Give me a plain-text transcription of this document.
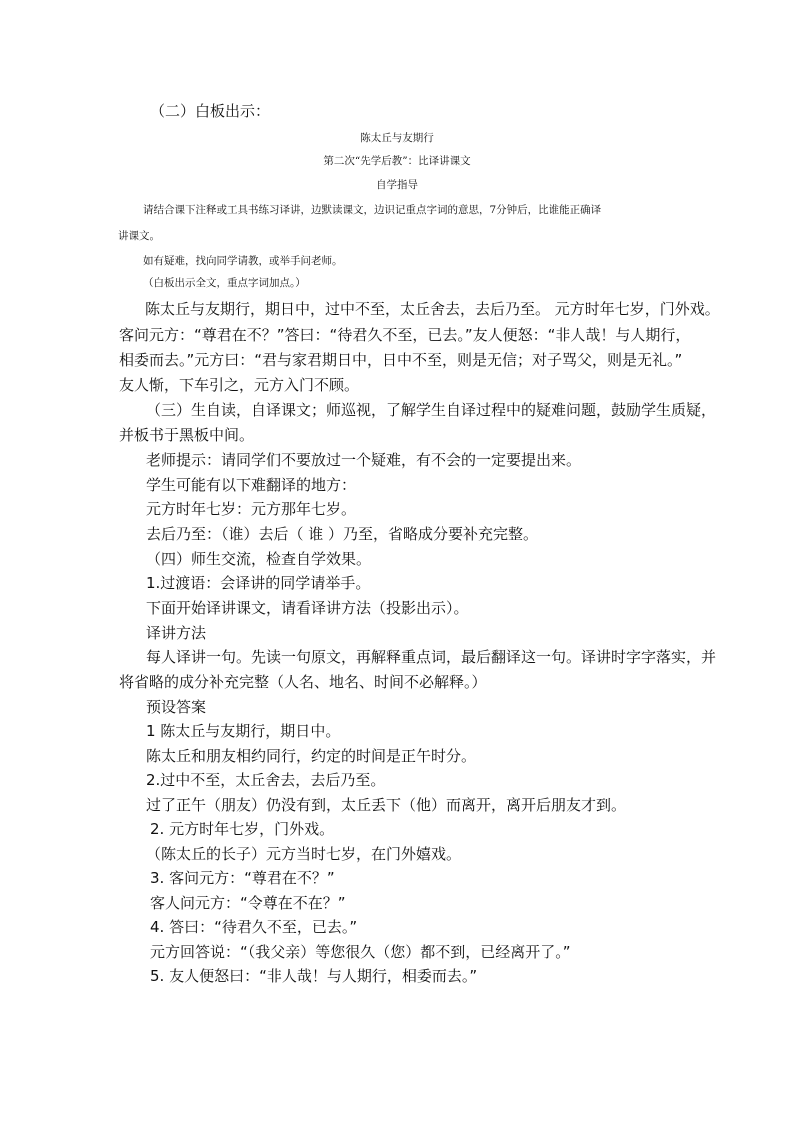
（二）白板出示：
陈太丘与友期行
第二次“先学后教”：比译讲课文
自学指导
请结合课下注释或工具书练习译讲，边默读课文，边识记重点字词的意思，7分钟后，比谁能正确译
讲课文。
如有疑难，找向同学请教，或举手问老师。
（白板出示全文，重点字词加点。）
陈太丘与友期行，期日中，过中不至，太丘舍去，去后乃至。 元方时年七岁，门外戏。
客问元方：“尊君在不？”答曰：“待君久不至，已去。”友人便怒：“非人哉！与人期行，
相委而去。”元方曰：“君与家君期日中，日中不至，则是无信；对子骂父，则是无礼。”
友人惭，下车引之，元方入门不顾。
（三）生自读，自译课文；师巡视，了解学生自译过程中的疑难问题，鼓励学生质疑，
并板书于黑板中间。
老师提示：请同学们不要放过一个疑难，有不会的一定要提出来。
学生可能有以下难翻译的地方：
元方时年七岁：元方那年七岁。
去后乃至：（谁）去后（ 谁 ）乃至，省略成分要补充完整。
（四）师生交流，检查自学效果。
1.过渡语：会译讲的同学请举手。
下面开始译讲课文，请看译讲方法（投影出示）。
译讲方法
每人译讲一句。先读一句原文，再解释重点词，最后翻译这一句。译讲时字字落实，并
将省略的成分补充完整（人名、地名、时间不必解释。）
预设答案
1 陈太丘与友期行，期日中。
陈太丘和朋友相约同行，约定的时间是正午时分。
2.过中不至，太丘舍去，去后乃至。
过了正午（朋友）仍没有到，太丘丢下（他）而离开，离开后朋友才到。
2. 元方时年七岁，门外戏。
（陈太丘的长子）元方当时七岁，在门外嬉戏。
3. 客问元方：“尊君在不？”
客人问元方：“令尊在不在？”
4. 答曰：“待君久不至，已去。”
元方回答说：“（我父亲）等您很久（您）都不到，已经离开了。”
5. 友人便怒曰：“非人哉！与人期行，相委而去。”
